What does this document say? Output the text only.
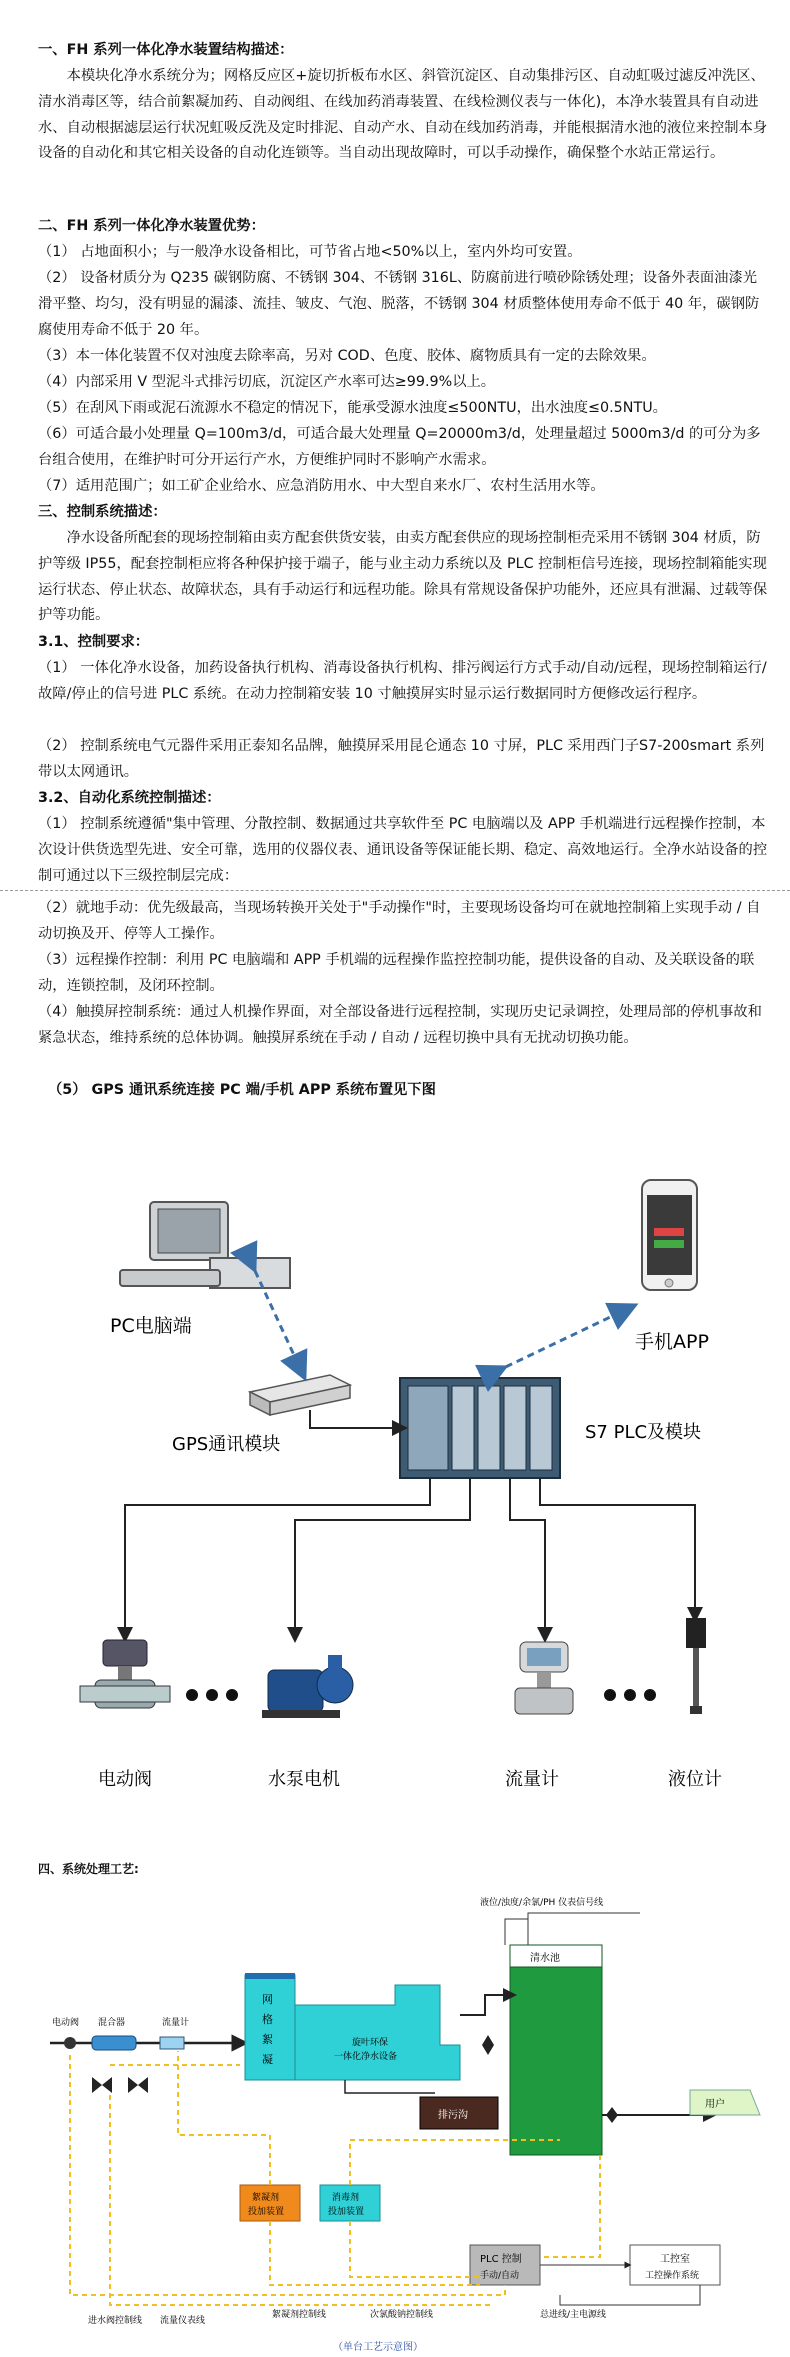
一、FH 系列一体化净水装置结构描述：
本模块化净水系统分为；网格反应区+旋切折板布水区、斜管沉淀区、自动集排污区、自动虹吸过滤反冲洗区、清水消毒区等，结合前絮凝加药、自动阀组、在线加药消毒装置、在线检测仪表与一体化)，本净水装置具有自动进水、自动根据滤层运行状况虹吸反洗及定时排泥、自动产水、自动在线加药消毒，并能根据清水池的液位来控制本身设备的自动化和其它相关设备的自动化连锁等。当自动出现故障时，可以手动操作，确保整个水站正常运行。
二、FH 系列一体化净水装置优势：
（1） 占地面积小；与一般净水设备相比，可节省占地<50%以上，室内外均可安置。
（2） 设备材质分为 Q235 碳钢防腐、不锈钢 304、不锈钢 316L、防腐前进行喷砂除锈处理；设备外表面油漆光滑平整、均匀，没有明显的漏漆、流挂、皱皮、气泡、脱落，不锈钢 304 材质整体使用寿命不低于 40 年，碳钢防腐使用寿命不低于 20 年。
（3）本一体化装置不仅对浊度去除率高，另对 COD、色度、胶体、腐物质具有一定的去除效果。
（4）内部采用 V 型泥斗式排污切底，沉淀区产水率可达≥99.9%以上。
（5）在刮风下雨或泥石流源水不稳定的情况下，能承受源水浊度≤500NTU，出水浊度≤0.5NTU。
（6）可适合最小处理量 Q=100m3/d，可适合最大处理量 Q=20000m3/d，处理量超过 5000m3/d 的可分为多台组合使用，在维护时可分开运行产水，方便维护同时不影响产水需求。
（7）适用范围广；如工矿企业给水、应急消防用水、中大型自来水厂、农村生活用水等。
三、控制系统描述：
净水设备所配套的现场控制箱由卖方配套供货安装，由卖方配套供应的现场控制柜壳采用不锈钢 304 材质，防护等级 IP55，配套控制柜应将各种保护接于端子，能与业主动力系统以及 PLC 控制柜信号连接，现场控制箱能实现运行状态、停止状态、故障状态，具有手动运行和远程功能。除具有常规设备保护功能外，还应具有泄漏、过载等保护等功能。
3.1、控制要求：
（1） 一体化净水设备，加药设备执行机构、消毒设备执行机构、排污阀运行方式手动/自动/远程，现场控制箱运行/故障/停止的信号进 PLC 系统。在动力控制箱安装 10 寸触摸屏实时显示运行数据同时方便修改运行程序。
（2） 控制系统电气元器件采用正泰知名品牌，触摸屏采用昆仑通态 10 寸屏，PLC 采用西门子S7-200smart 系列带以太网通讯。
3.2、自动化系统控制描述：
（1） 控制系统遵循"集中管理、分散控制、数据通过共享软件至 PC 电脑端以及 APP 手机端进行远程操作控制，本次设计供货选型先进、安全可靠，选用的仪器仪表、通讯设备等保证能长期、稳定、高效地运行。全净水站设备的控制可通过以下三级控制层完成：
（2）就地手动：优先级最高，当现场转换开关处于"手动操作"时，主要现场设备均可在就地控制箱上实现手动 / 自动切换及开、停等人工操作。
（3）远程操作控制：利用 PC 电脑端和 APP 手机端的远程操作监控控制功能，提供设备的自动、及关联设备的联动，连锁控制，及闭环控制。
（4）触摸屏控制系统：通过人机操作界面，对全部设备进行远程控制，实现历史记录调控，处理局部的停机事故和紧急状态，维持系统的总体协调。触摸屏系统在手动 / 自动 / 远程切换中具有无扰动切换功能。
（5） GPS 通讯系统连接 PC 端/手机 APP 系统布置见下图
PC电脑端
手机APP
GPS通讯模块
S7 PLC及模块
电动阀	水泵电机	流量计	液位计
四、系统处理工艺:
液位/浊度/余氯/PH 仪表信号线
电动阀 混合器	流量计
网
格
絮
凝
旋叶环保
一体化净水设备
排污沟
清水池
用户
絮凝剂
投加装置
消毒剂
投加装置
PLC 控制
手动/自动
工控室
工控操作系统
进水阀控制线 流量仪表线
絮凝剂控制线	次氯酸钠控制线	总进线/主电源线
（单台工艺示意图）
